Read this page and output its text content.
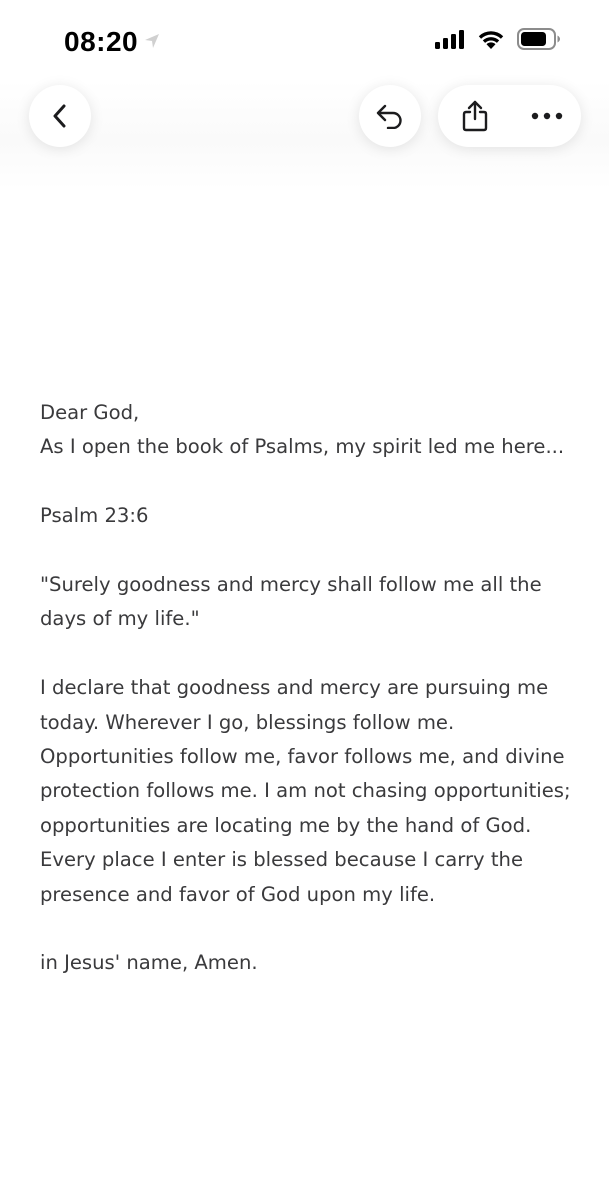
08:20
Dear God,
As I open the book of Psalms, my spirit led me here...
Psalm 23:6
"Surely goodness and mercy shall follow me all the
days of my life."
I declare that goodness and mercy are pursuing me
today. Wherever I go, blessings follow me.
Opportunities follow me, favor follows me, and divine
protection follows me. I am not chasing opportunities;
opportunities are locating me by the hand of God.
Every place I enter is blessed because I carry the
presence and favor of God upon my life.
in Jesus' name, Amen.
